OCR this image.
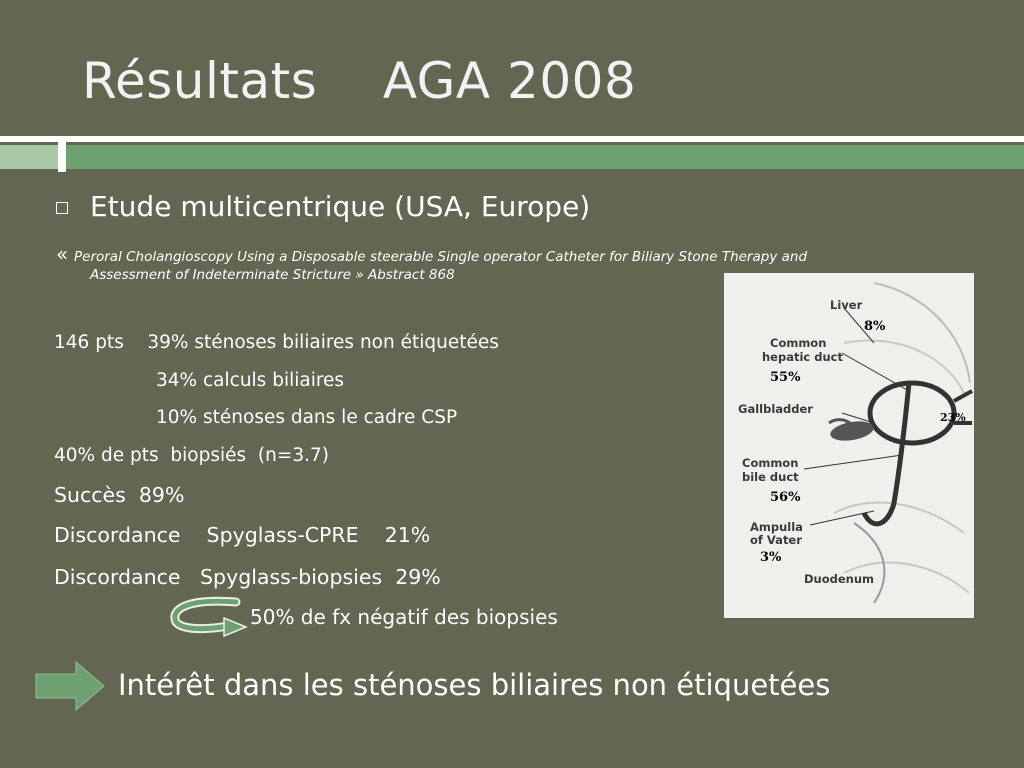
Résultats    AGA 2008
Etude multicentrique (USA, Europe)
« Peroral Cholangioscopy Using a Disposable steerable Single operator Catheter for Biliary Stone Therapy and
Assessment of Indeterminate Stricture » Abstract 868
146 pts    39% sténoses biliaires non étiquetées
34% calculs biliaires
10% sténoses dans le cadre CSP
40% de pts  biopsiés  (n=3.7)
Succès  89%
Discordance    Spyglass-CPRE    21%
Discordance   Spyglass-biopsies  29%
50% de fx négatif des biopsies
Intérêt dans les sténoses biliaires non étiquetées
Liver
Common
hepatic duct
Gallbladder
Common
bile duct
Ampulla
of Vater
Duodenum
8%
55%
23%
56%
3%
